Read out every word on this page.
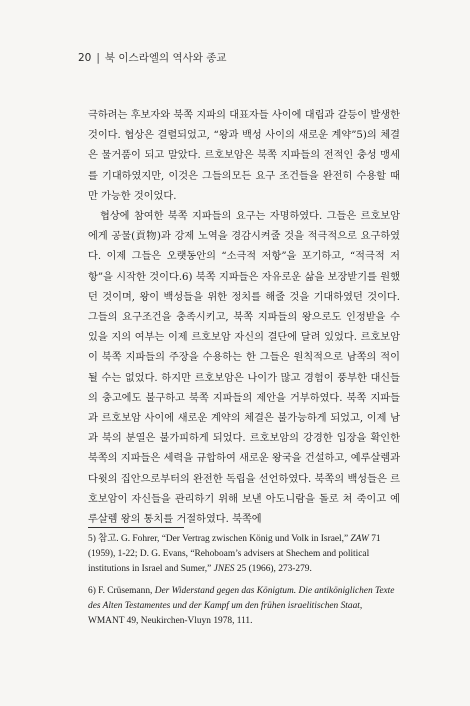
20 | 북 이스라엘의 역사와 종교

극하려는 후보자와 북쪽 지파의 대표자들 사이에 대립과 갈등이 발생한 것이다. 협상은 결렬되었고, “왕과 백성 사이의 새로운 계약”5)의 체결은 물거품이 되고 말았다. 르호보암은 북쪽 지파들의 전적인 충성 맹세를 기대하였지만, 이것은 그들의모든 요구 조건들을 완전히 수용할 때만 가능한 것이었다.

협상에 참여한 북쪽 지파들의 요구는 자명하였다. 그들은 르호보암에게 공물(貢物)과 강제 노역을 경감시켜줄 것을 적극적으로 요구하였다. 이제 그들은 오랫동안의 “소극적 저항”을 포기하고, “적극적 저항”을 시작한 것이다.6) 북쪽 지파들은 자유로운 삶을 보장받기를 원했던 것이며, 왕이 백성들을 위한 정치를 해줄 것을 기대하였던 것이다. 그들의 요구조건을 충족시키고, 북쪽 지파들의 왕으로도 인정받을 수 있을 지의 여부는 이제 르호보암 자신의 결단에 달려 있었다. 르호보암이 북쪽 지파들의 주장을 수용하는 한 그들은 원칙적으로 남쪽의 적이 될 수는 없었다. 하지만 르호보암은 나이가 많고 경험이 풍부한 대신들의 충고에도 불구하고 북쪽 지파들의 제안을 거부하였다. 북쪽 지파들과 르호보암 사이에 새로운 계약의 체결은 불가능하게 되었고, 이제 남과 북의 분열은 불가피하게 되었다. 르호보암의 강경한 입장을 확인한 북쪽의 지파들은 세력을 규합하여 새로운 왕국을 건설하고, 예루살렘과 다윗의 집안으로부터의 완전한 독립을 선언하였다. 북쪽의 백성들은 르호보암이 자신들을 관리하기 위해 보낸 아도니람을 돌로 쳐 죽이고 예루살렘 왕의 통치를 거절하였다. 북쪽에

5) 참고. G. Fohrer, “Der Vertrag zwischen König und Volk in Israel,” ZAW 71 (1959), 1-22; D. G. Evans, “Rehoboam’s advisers at Shechem and political institutions in Israel and Sumer,” JNES 25 (1966), 273-279.

6) F. Crüsemann, Der Widerstand gegen das Königtum. Die antiköniglichen Texte des Alten Testamentes und der Kampf um den frühen israelitischen Staat, WMANT 49, Neukirchen-Vluyn 1978, 111.
